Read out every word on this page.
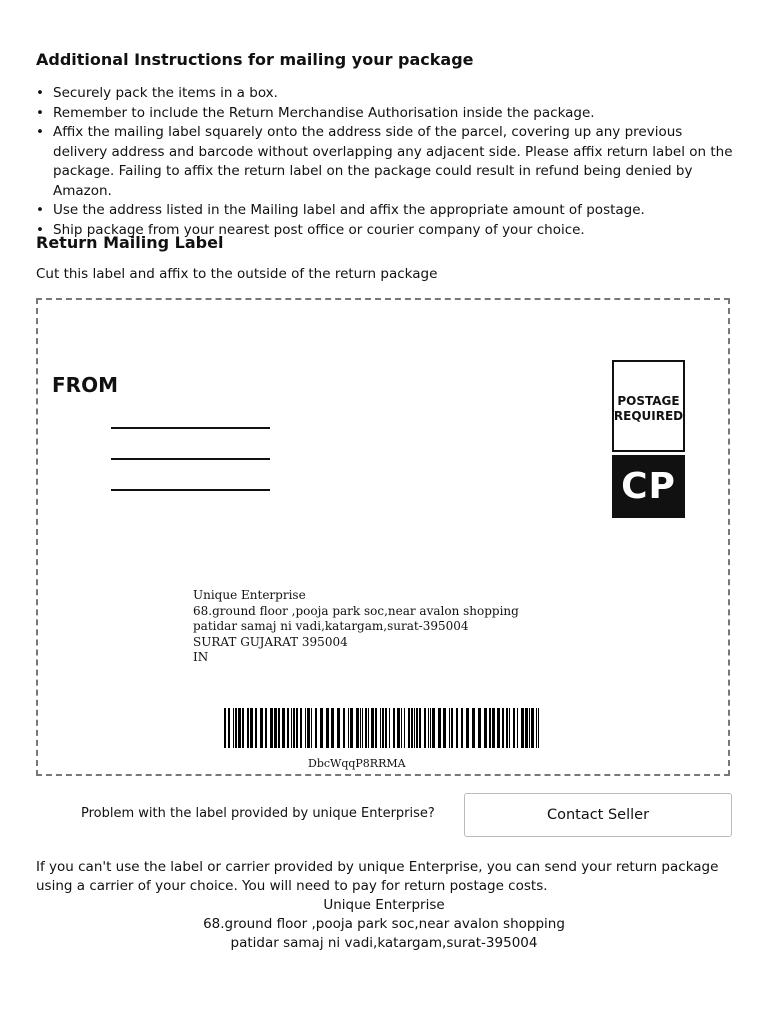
Additional Instructions for mailing your package
• Securely pack the items in a box.
• Remember to include the Return Merchandise Authorisation inside the package.
• Affix the mailing label squarely onto the address side of the parcel, covering up any previous delivery address and barcode without overlapping any adjacent side. Please affix return label on the package. Failing to affix the return label on the package could result in refund being denied by Amazon.
• Use the address listed in the Mailing label and affix the appropriate amount of postage.
• Ship package from your nearest post office or courier company of your choice.
Return Mailing Label
Cut this label and affix to the outside of the return package
FROM
POSTAGE
REQUIRED
CP
Unique Enterprise
68.ground floor ,pooja park soc,near avalon shopping
patidar samaj ni vadi,katargam,surat-395004
SURAT GUJARAT 395004
IN
DbcWqqP8RRMA
Problem with the label provided by unique Enterprise?	Contact Seller
If you can't use the label or carrier provided by unique Enterprise, you can send your return package using a carrier of your choice. You will need to pay for return postage costs.
Unique Enterprise
68.ground floor ,pooja park soc,near avalon shopping
patidar samaj ni vadi,katargam,surat-395004
